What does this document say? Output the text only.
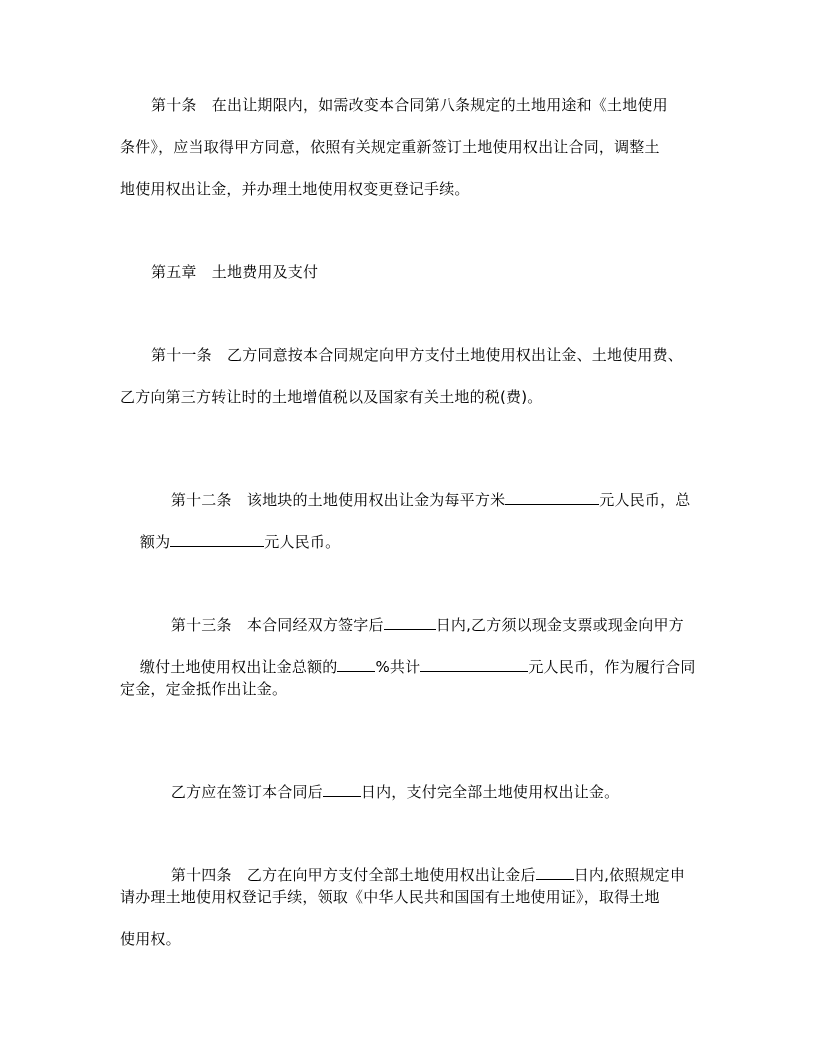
第十条　在出让期限内，如需改变本合同第八条规定的土地用途和《土地使用
条件》，应当取得甲方同意，依照有关规定重新签订土地使用权出让合同，调整土
地使用权出让金，并办理土地使用权变更登记手续。
第五章　土地费用及支付
第十一条　乙方同意按本合同规定向甲方支付土地使用权出让金、土地使用费、
乙方向第三方转让时的土地增值税以及国家有关土地的税(费)。

第十二条　该地块的土地使用权出让金为每平方米	元人民币，总

额为	元人民币。

第十三条　本合同经双方签字后	日内,乙方须以现金支票或现金向甲方

缴付土地使用权出让金总额的	%共计	元人民币，作为履行合同

定金，定金抵作出让金。

乙方应在签订本合同后	日内，支付完全部土地使用权出让金。

第十四条　乙方在向甲方支付全部土地使用权出让金后	日内,依照规定申

请办理土地使用权登记手续，领取《中华人民共和国国有土地使用证》，取得土地
使用权。
